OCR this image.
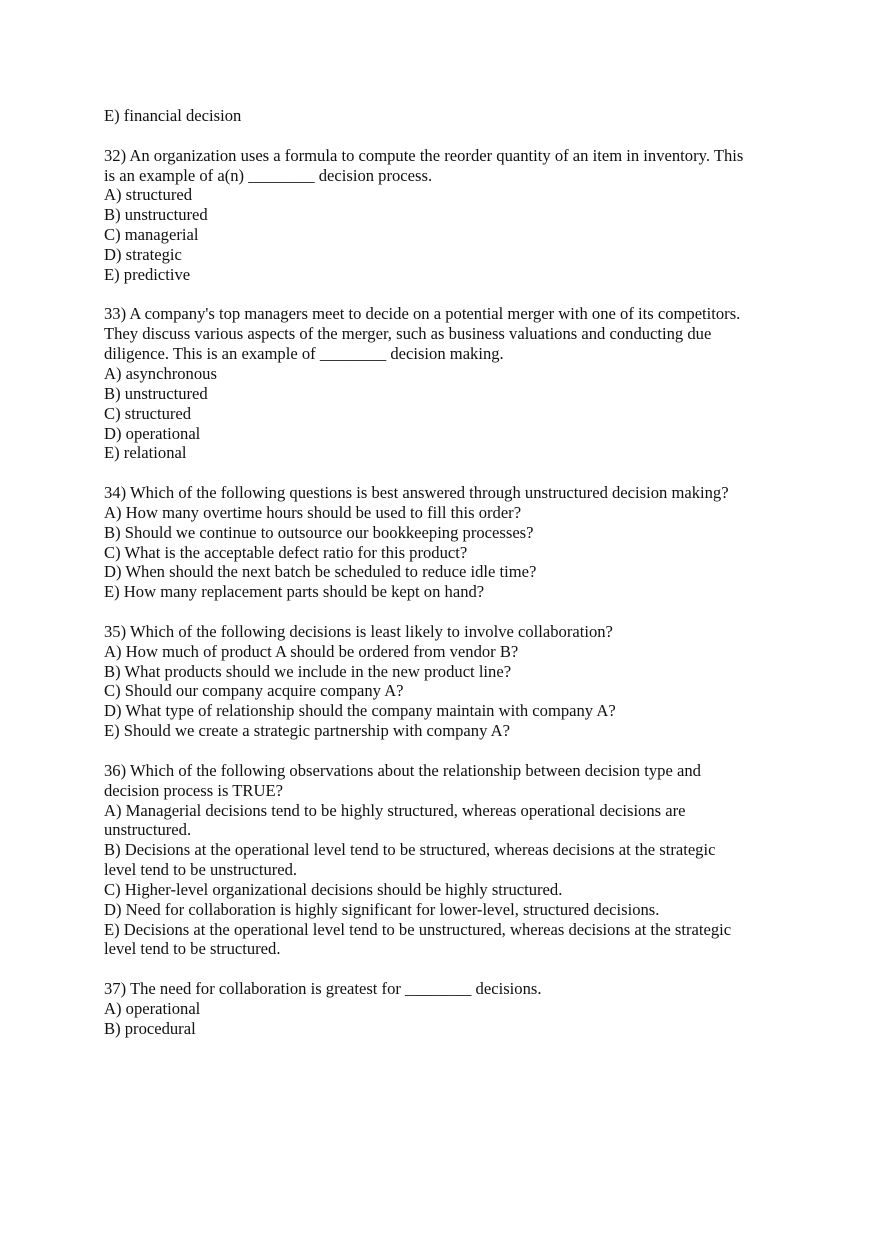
E) financial decision
32) An organization uses a formula to compute the reorder quantity of an item in inventory. This
is an example of a(n) ________ decision process.
A) structured
B) unstructured
C) managerial
D) strategic
E) predictive
33) A company's top managers meet to decide on a potential merger with one of its competitors.
They discuss various aspects of the merger, such as business valuations and conducting due
diligence. This is an example of ________ decision making.
A) asynchronous
B) unstructured
C) structured
D) operational
E) relational
34) Which of the following questions is best answered through unstructured decision making?
A) How many overtime hours should be used to fill this order?
B) Should we continue to outsource our bookkeeping processes?
C) What is the acceptable defect ratio for this product?
D) When should the next batch be scheduled to reduce idle time?
E) How many replacement parts should be kept on hand?
35) Which of the following decisions is least likely to involve collaboration?
A) How much of product A should be ordered from vendor B?
B) What products should we include in the new product line?
C) Should our company acquire company A?
D) What type of relationship should the company maintain with company A?
E) Should we create a strategic partnership with company A?
36) Which of the following observations about the relationship between decision type and
decision process is TRUE?
A) Managerial decisions tend to be highly structured, whereas operational decisions are
unstructured.
B) Decisions at the operational level tend to be structured, whereas decisions at the strategic
level tend to be unstructured.
C) Higher-level organizational decisions should be highly structured.
D) Need for collaboration is highly significant for lower-level, structured decisions.
E) Decisions at the operational level tend to be unstructured, whereas decisions at the strategic
level tend to be structured.
37) The need for collaboration is greatest for ________ decisions.
A) operational
B) procedural
